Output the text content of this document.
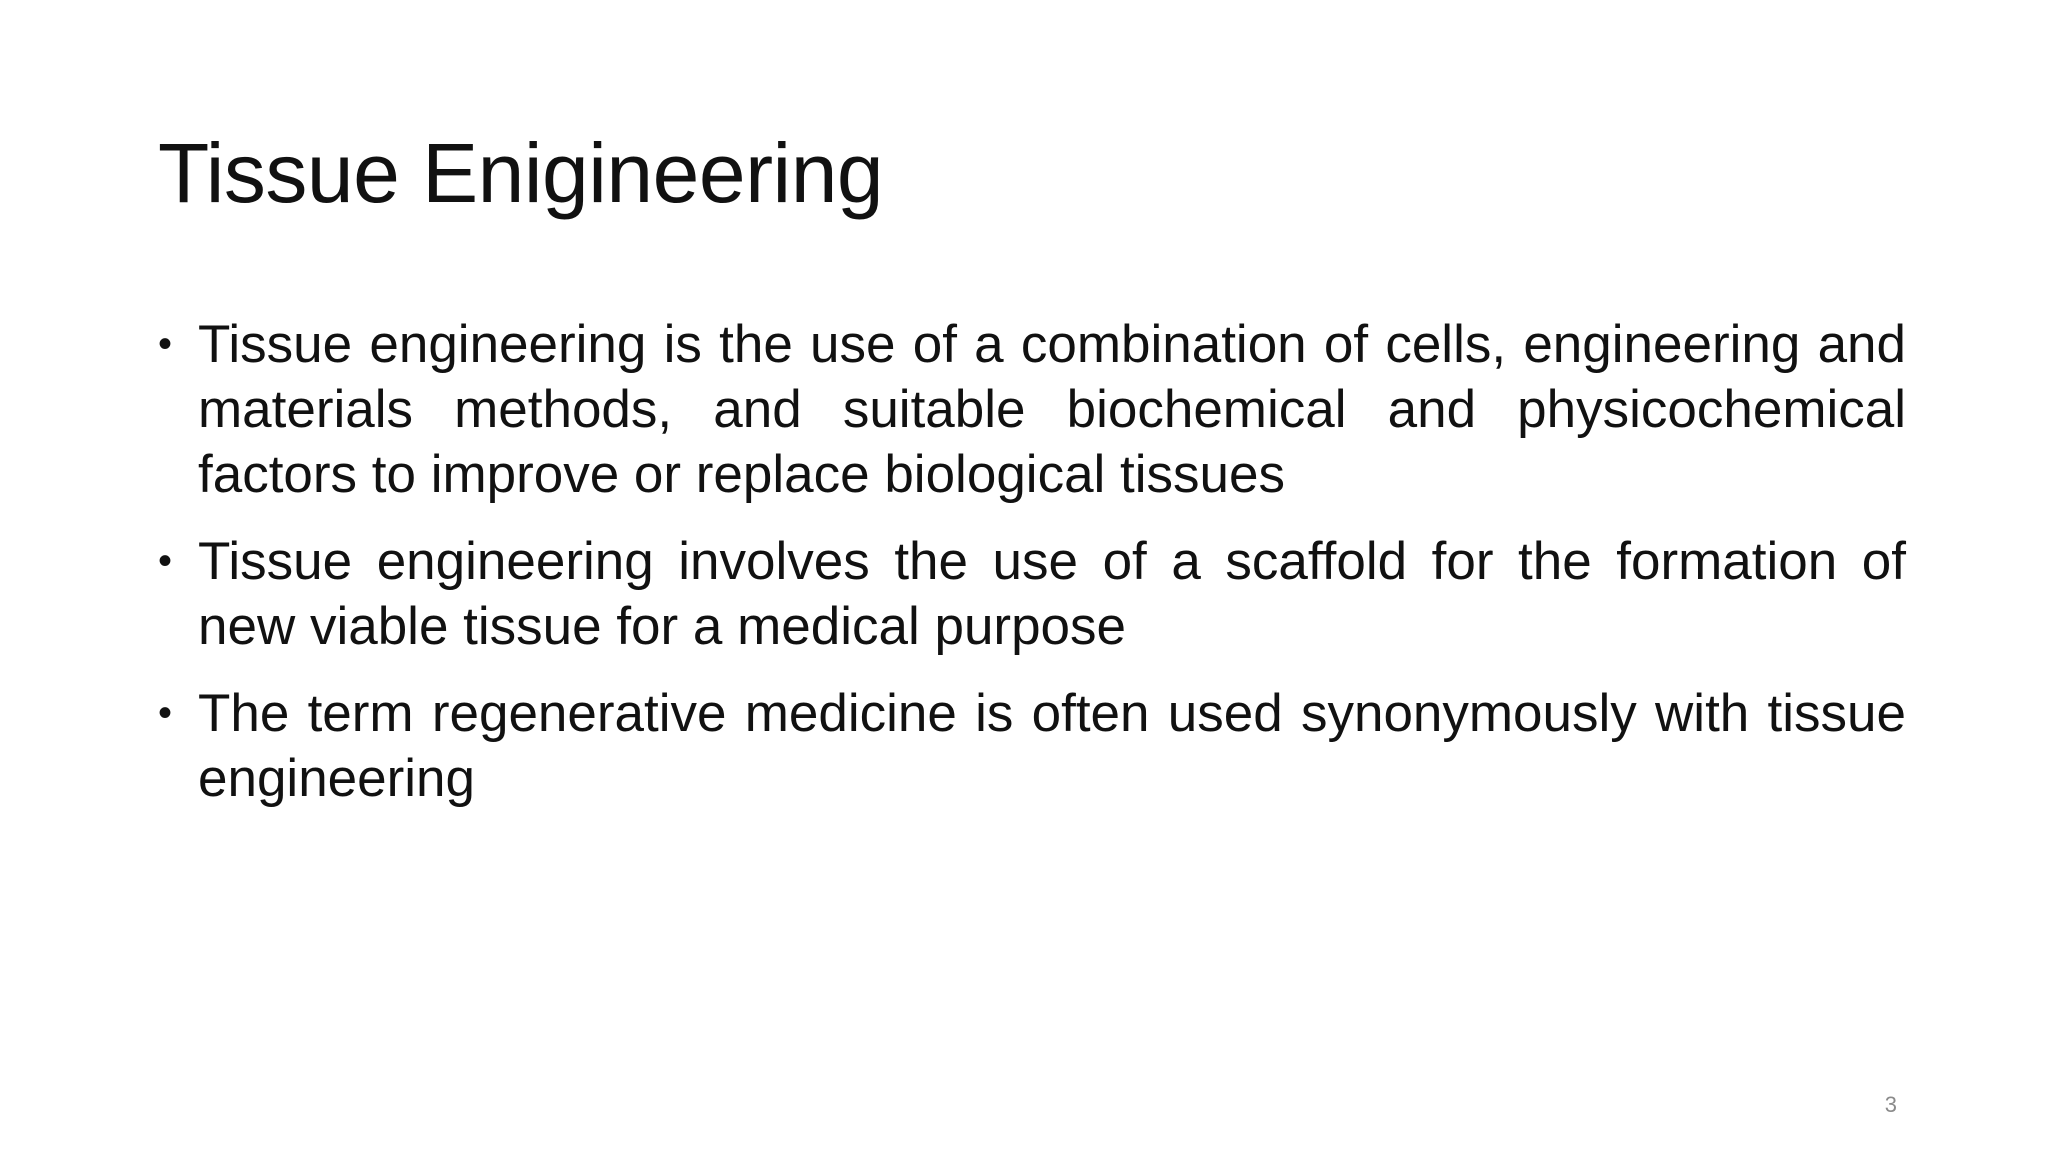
Tissue Enigineering
• Tissue engineering is the use of a combination of cells, engineering and materials methods, and suitable biochemical and physicochemical factors to improve or replace biological tissues
• Tissue engineering involves the use of a scaffold for the formation of new viable tissue for a medical purpose
• The term regenerative medicine is often used synonymously with tissue engineering
3
